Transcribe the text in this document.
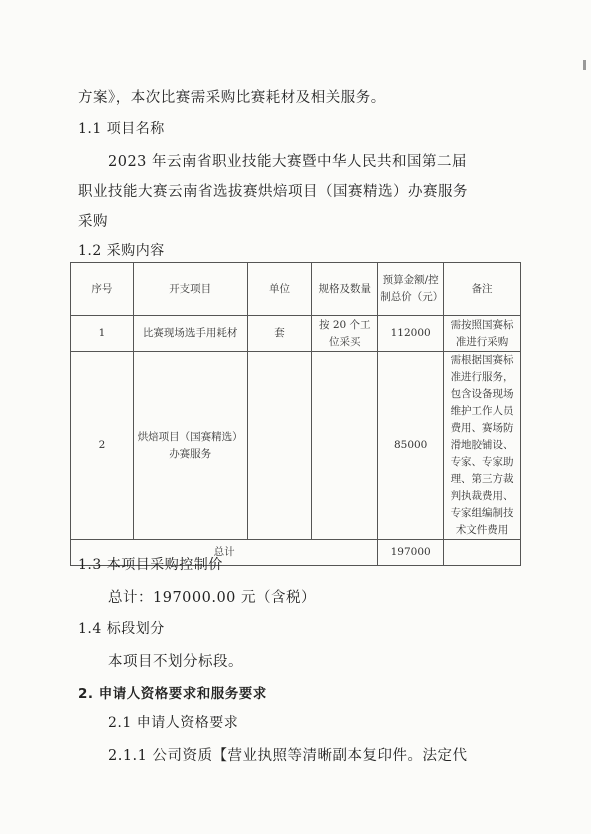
方案》，本次比赛需采购比赛耗材及相关服务。
1.1 项目名称
2023 年云南省职业技能大赛暨中华人民共和国第二届
职业技能大赛云南省选拔赛烘焙项目（国赛精选）办赛服务
采购
1.2 采购内容
序号	开支项目	单位	规格及数量	预算金额/控制总价（元）	备注
1	比赛现场选手用耗材	套	按 20 个工位采买	112000	需按照国赛标准进行采购
2	烘焙项目（国赛精选）办赛服务			85000	需根据国赛标准进行服务，包含设备现场维护工作人员费用、赛场防滑地胶铺设、专家、专家助理、第三方裁判执裁费用、专家组编制技术文件费用
总计				197000	
1.3 本项目采购控制价
总计：197000.00 元（含税）
1.4 标段划分
本项目不划分标段。
2. 申请人资格要求和服务要求
2.1 申请人资格要求
2.1.1 公司资质【营业执照等清晰副本复印件。法定代
